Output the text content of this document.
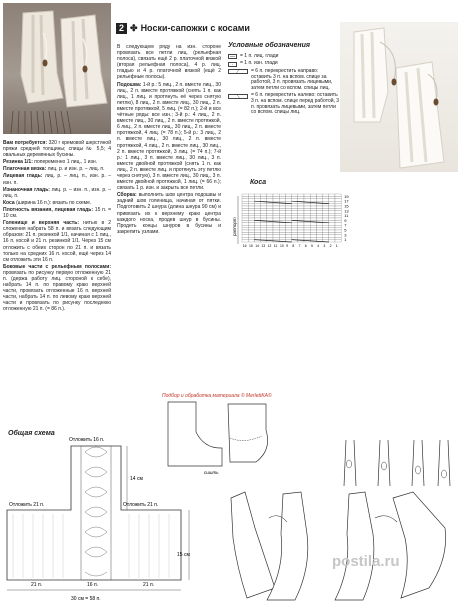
Вам потребуется: 320 г кремовой шерстяной пряжи средней толщины; спицы № 5,5; 4 овальных деревянных бусины.

Резинка 1/1: попеременно 1 лиц., 1 изн.

Платочная вязка: лиц. р. и изн. р. – лиц. п.

Лицевая гладь: лиц. р. – лиц. п., изн. р. – изн. п.

Изнаночная гладь: лиц. р. – изн. п., изн. р. – лиц. п.

Коса (ширина 16 п.): вязать по схеме.

Плотность вязания, лицевая гладь: 15 п. = 10 см.

Голенище и верхняя часть: нитью в 2 сложения набрать 58 п. и вязать следующим образом: 21 п. резинкой 1/1, начиная с 1 лиц., 16 п. косой и 21 п. резинкой 1/1. Через 15 см отложить с обеих сторон по 21 п. и вязать только на средних 16 п. косой, ещё через 14 см отложить эти 16 п.

Боковые части с рельефным полосами: провязать по рисунку первую отложенную 21 п. (держа работу лиц. стороной к себе), набрать 14 п. по правому краю верхней части, провязать отложенные 16 п. верхней части, набрать 14 п. по левому краю верхней части и провязать по рисунку последнюю отложенную 21 п. (= 86 п.).

2 ✤ Носки-сапожки с косами

В следующем ряду на изн. стороне провязать все петли лиц. (рельефная полоса), связать ещё 2 р. платочной вязкой (вторая рельефная полоса), 4 р. лиц. гладью и 4 р. платочной вязкой (ещё 2 рельефные полосы).

Подошва: 1-й р.: 5 лиц., 2 п. вместе лиц., 30 лиц., 2 п. вместе протяжкой (снять 1 п. как лиц., 1 лиц. и протянуть её через снятую петлю), 8 лиц., 2 п. вместе лиц., 30 лиц., 2 п. вместе протяжкой, 5 лиц. (= 82 п.); 2-й и все чётные ряды: все изн.; 3-й р.: 4 лиц., 2 п. вместе лиц., 30 лиц., 2 п. вместе протяжкой, 6 лиц., 2 п. вместе лиц., 30 лиц., 2 п. вместе протяжкой, 4 лиц. (= 78 п.); 5-й р.: 3 лиц., 2 п. вместе лиц., 30 лиц., 2 п. вместе протяжкой, 4 лиц., 2 п. вместе лиц., 30 лиц., 2 п. вместе протяжкой, 3 лиц. (= 74 п.); 7-й р.: 1 лиц., 3 п. вместе лиц., 30 лиц., 3 п. вместе двойной протяжкой (снять 1 п. как лиц., 2 п. вместе лиц. и протянуть эту петлю через снятую), 3 п. вместе лиц., 30 лиц., 3 п. вместе двойной протяжкой, 1 лиц. (= 66 п.); связать 1 р. изн. и закрыть все петли.

Сборка: выполнить шов центра подошвы и задний шов голенища, начиная от пятки. Подготовить 2 шнура (длина шнура 90 см) и привязать их к верхнему краю центра каждого носка, продев шнур в бусины. Продеть концы шнуров в бусины и закрепить узлами.

Условные обозначения
—	= 1 п. лиц. глади
·	= 1 п. изн. глади
⟋	= 6 п. перекрестить направо: оставить 3 п. на вспом. спице за работой, 3 п. провязать лицевыми, затем петли со вспом. спицы лиц.
⟍	= 6 п. перекрестить налево: оставить 3 п. на вспом. спице перед работой, 3 п. провязать лицевыми, затем петли со вспом. спицы лиц.
Коса
раппорт
19
17
15
13
11
9
7
5
3
1
16 15 14 13 12 11 10 9 8 7 6 5 4 3 2 1
Подбор и обработка материала © MerlettKA©
сшить
postila.ru
Общая схема
Отложить 16 п.
Отложить 21 п.	Отложить 21 п.
14 см
15 см
21 п.	16 п.	21 п.
30 см = 58 п.
